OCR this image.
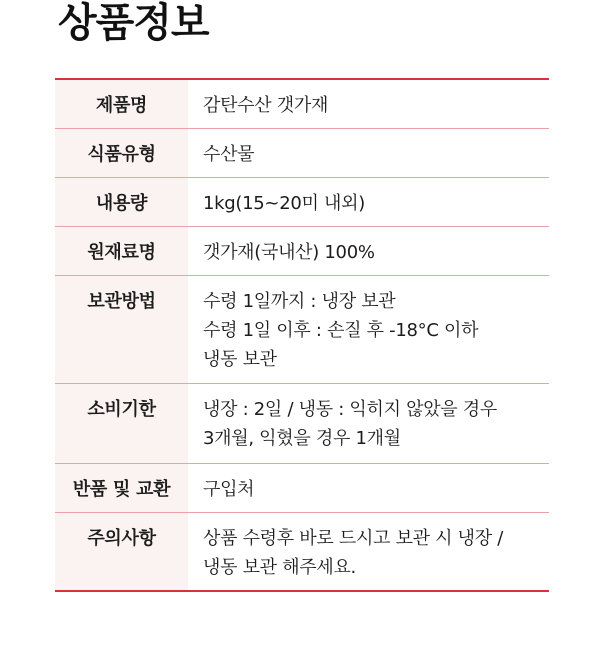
상품정보
제품명	감탄수산 갯가재
식품유형	수산물
내용량	1kg(15~20미 내외)
원재료명	갯가재(국내산) 100%
보관방법	수령 1일까지 : 냉장 보관
수령 1일 이후 : 손질 후 -18°C 이하
냉동 보관
소비기한	냉장 : 2일 / 냉동 : 익히지 않았을 경우
3개월, 익혔을 경우 1개월
반품 및 교환	구입처
주의사항	상품 수령후 바로 드시고 보관 시 냉장 /
냉동 보관 해주세요.
